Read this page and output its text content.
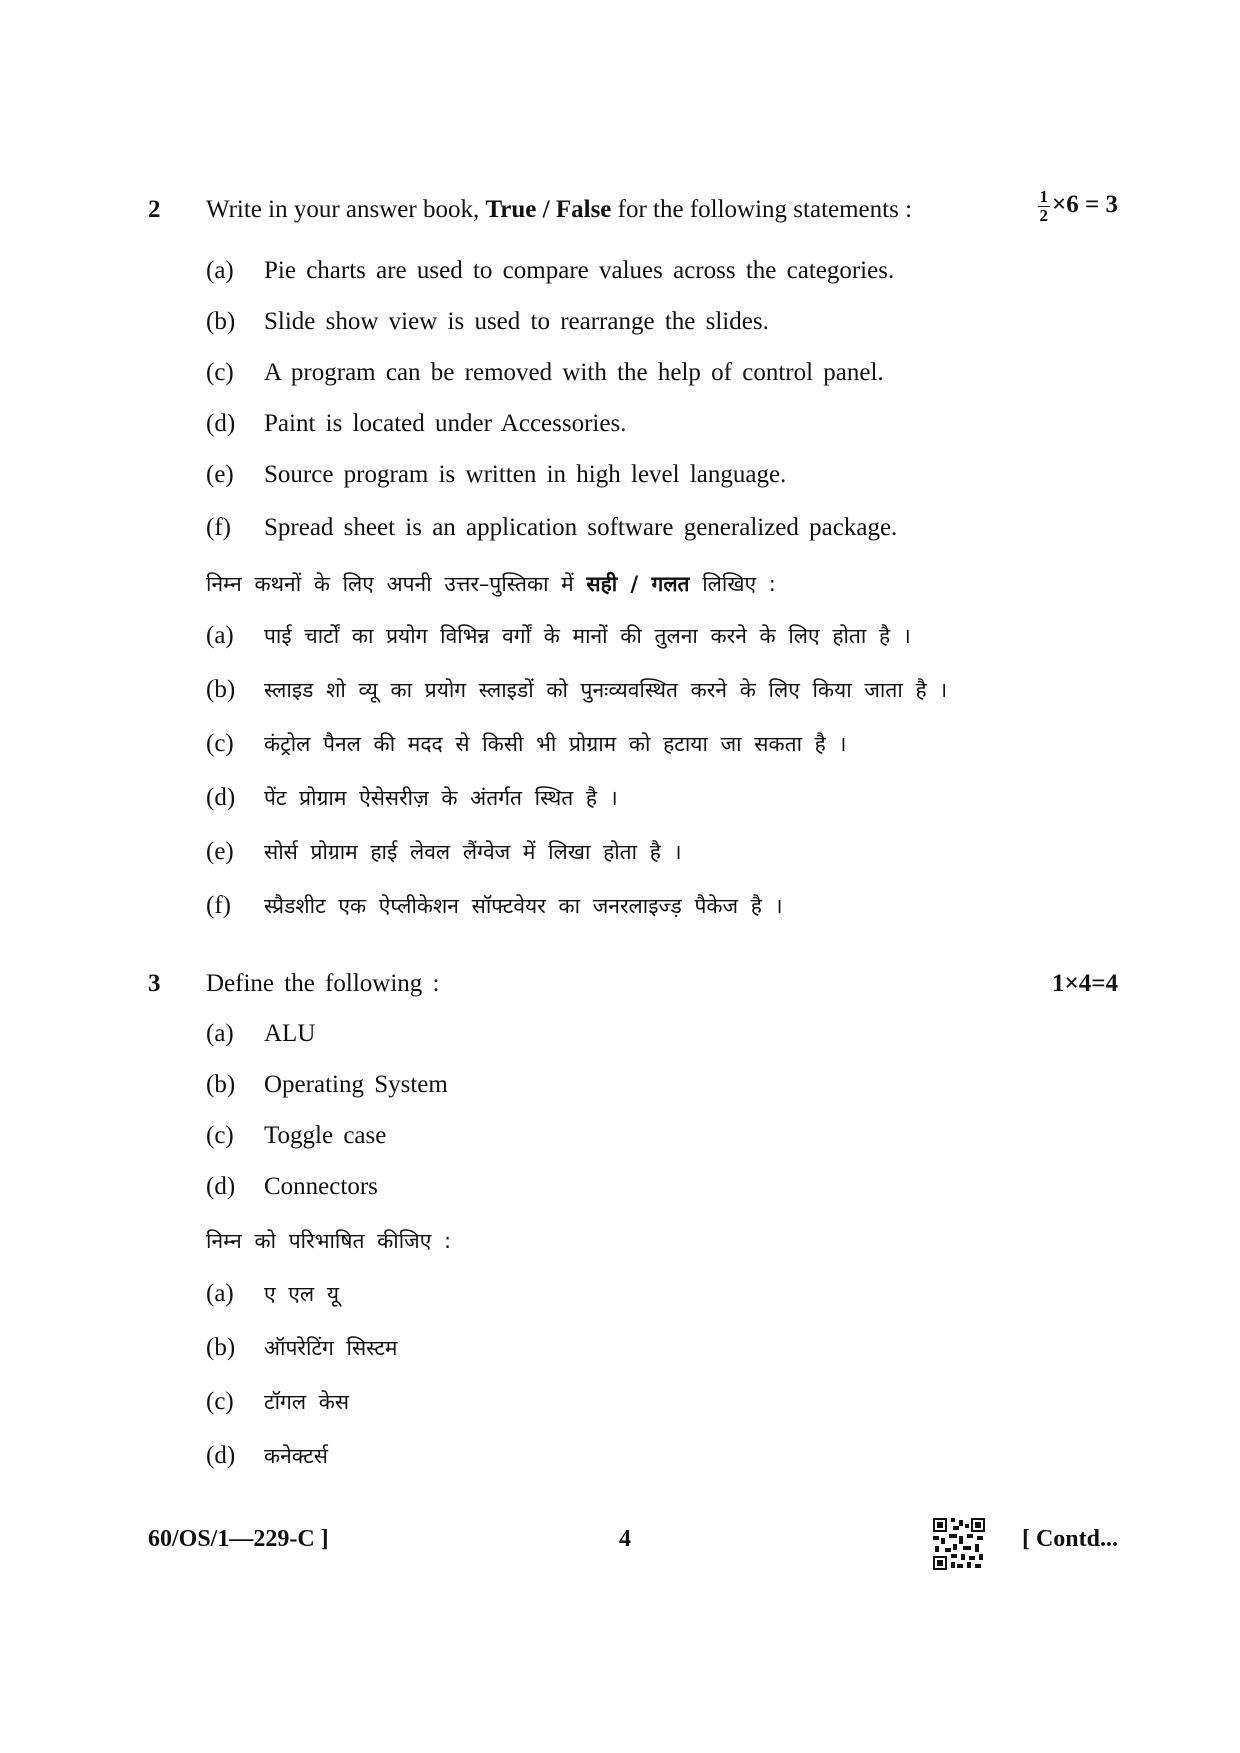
2 Write in your answer book, True / False for the following statements :	$\frac{1}{2} \times 6 = 3$
(a) Pie charts are used to compare values across the categories.
(b) Slide show view is used to rearrange the slides.
(c) A program can be removed with the help of control panel.
(d) Paint is located under Accessories.
(e) Source program is written in high level language.
(f) Spread sheet is an application software generalized package.
निम्न कथनों के लिए अपनी उत्तर–पुस्तिका में सही / गलत लिखिए :
(a) पाई चार्टों का प्रयोग विभिन्न वर्गों के मानों की तुलना करने के लिए होता है ।
(b) स्लाइड शो व्यू का प्रयोग स्लाइडों को पुनःव्यवस्थित करने के लिए किया जाता है ।
(c) कंट्रोल पैनल की मदद से किसी भी प्रोग्राम को हटाया जा सकता है ।
(d) पेंट प्रोग्राम ऐसेसरीज़ के अंतर्गत स्थित है ।
(e) सोर्स प्रोग्राम हाई लेवल लैंग्वेज में लिखा होता है ।
(f) स्प्रैडशीट एक ऐप्लीकेशन सॉफ्टवेयर का जनरलाइज्ड़ पैकेज है ।
3 Define the following :	1×4=4
(a) ALU
(b) Operating System
(c) Toggle case
(d) Connectors
निम्न को परिभाषित कीजिए :
(a) ए एल यू
(b) ऑपरेटिंग सिस्टम
(c) टॉगल केस
(d) कनेक्टर्स
60/OS/1—229-C ]	4	[ Contd...
